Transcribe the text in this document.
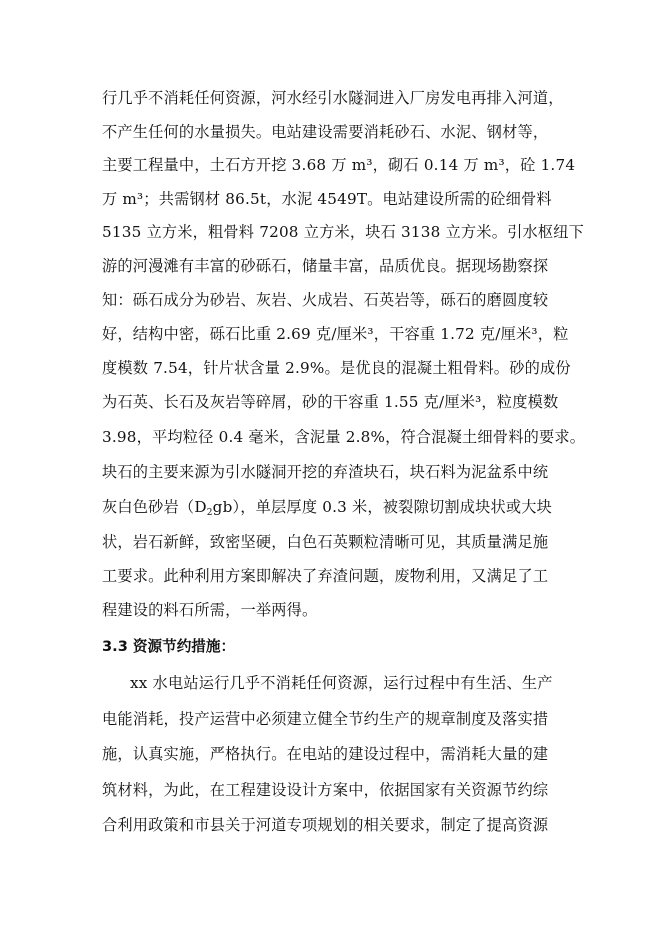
行几乎不消耗任何资源，河水经引水隧洞进入厂房发电再排入河道，
不产生任何的水量损失。电站建设需要消耗砂石、水泥、钢材等，
主要工程量中，土石方开挖 3.68 万 m³，砌石 0.14 万 m³，砼 1.74
万 m³；共需钢材 86.5t，水泥 4549T。电站建设所需的砼细骨料
5135 立方米，粗骨料 7208 立方米，块石 3138 立方米。引水枢纽下
游的河漫滩有丰富的砂砾石，储量丰富，品质优良。据现场勘察探
知：砾石成分为砂岩、灰岩、火成岩、石英岩等，砾石的磨圆度较
好，结构中密，砾石比重 2.69 克/厘米³，干容重 1.72 克/厘米³，粒
度模数 7.54，针片状含量 2.9%。是优良的混凝土粗骨料。砂的成份
为石英、长石及灰岩等碎屑，砂的干容重 1.55 克/厘米³，粒度模数
3.98，平均粒径 0.4 毫米，含泥量 2.8%，符合混凝土细骨料的要求。
块石的主要来源为引水隧洞开挖的弃渣块石，块石料为泥盆系中统
灰白色砂岩（D2gb），单层厚度 0.3 米，被裂隙切割成块状或大块
状，岩石新鲜，致密坚硬，白色石英颗粒清晰可见，其质量满足施
工要求。此种利用方案即解决了弃渣问题，废物利用，又满足了工
程建设的料石所需，一举两得。
3.3 资源节约措施：
xx 水电站运行几乎不消耗任何资源，运行过程中有生活、生产
电能消耗，投产运营中必须建立健全节约生产的规章制度及落实措
施，认真实施，严格执行。在电站的建设过程中，需消耗大量的建
筑材料，为此，在工程建设设计方案中，依据国家有关资源节约综
合利用政策和市县关于河道专项规划的相关要求，制定了提高资源
